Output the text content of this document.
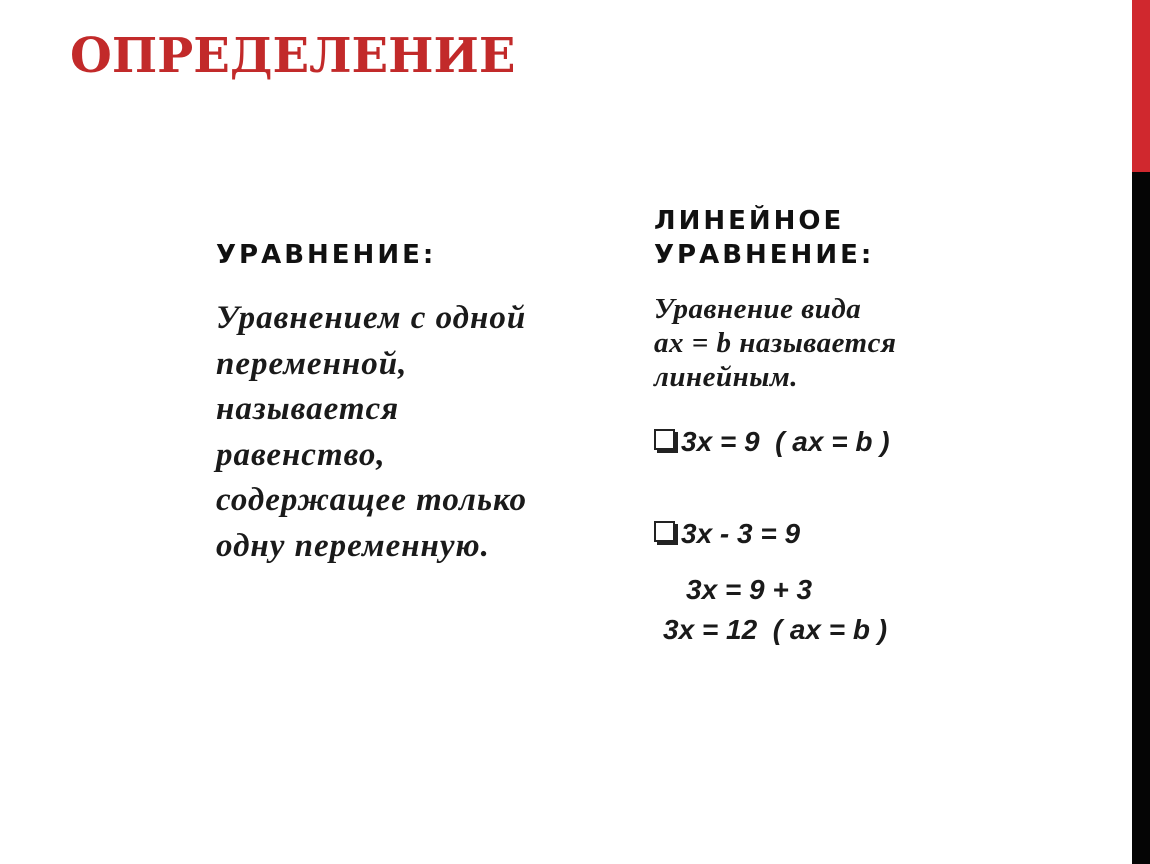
ОПРЕДЕЛЕНИЕ
УРАВНЕНИЕ:
Уравнением с одной
переменной,
называется
равенство,
содержащее только
одну переменную.
ЛИНЕЙНОЕ
УРАВНЕНИЕ:
Уравнение вида
ax = b называется
линейным.
3x = 9  ( ax = b )
3x - 3 = 9
3x = 9 + 3
3x = 12  ( ax = b )
